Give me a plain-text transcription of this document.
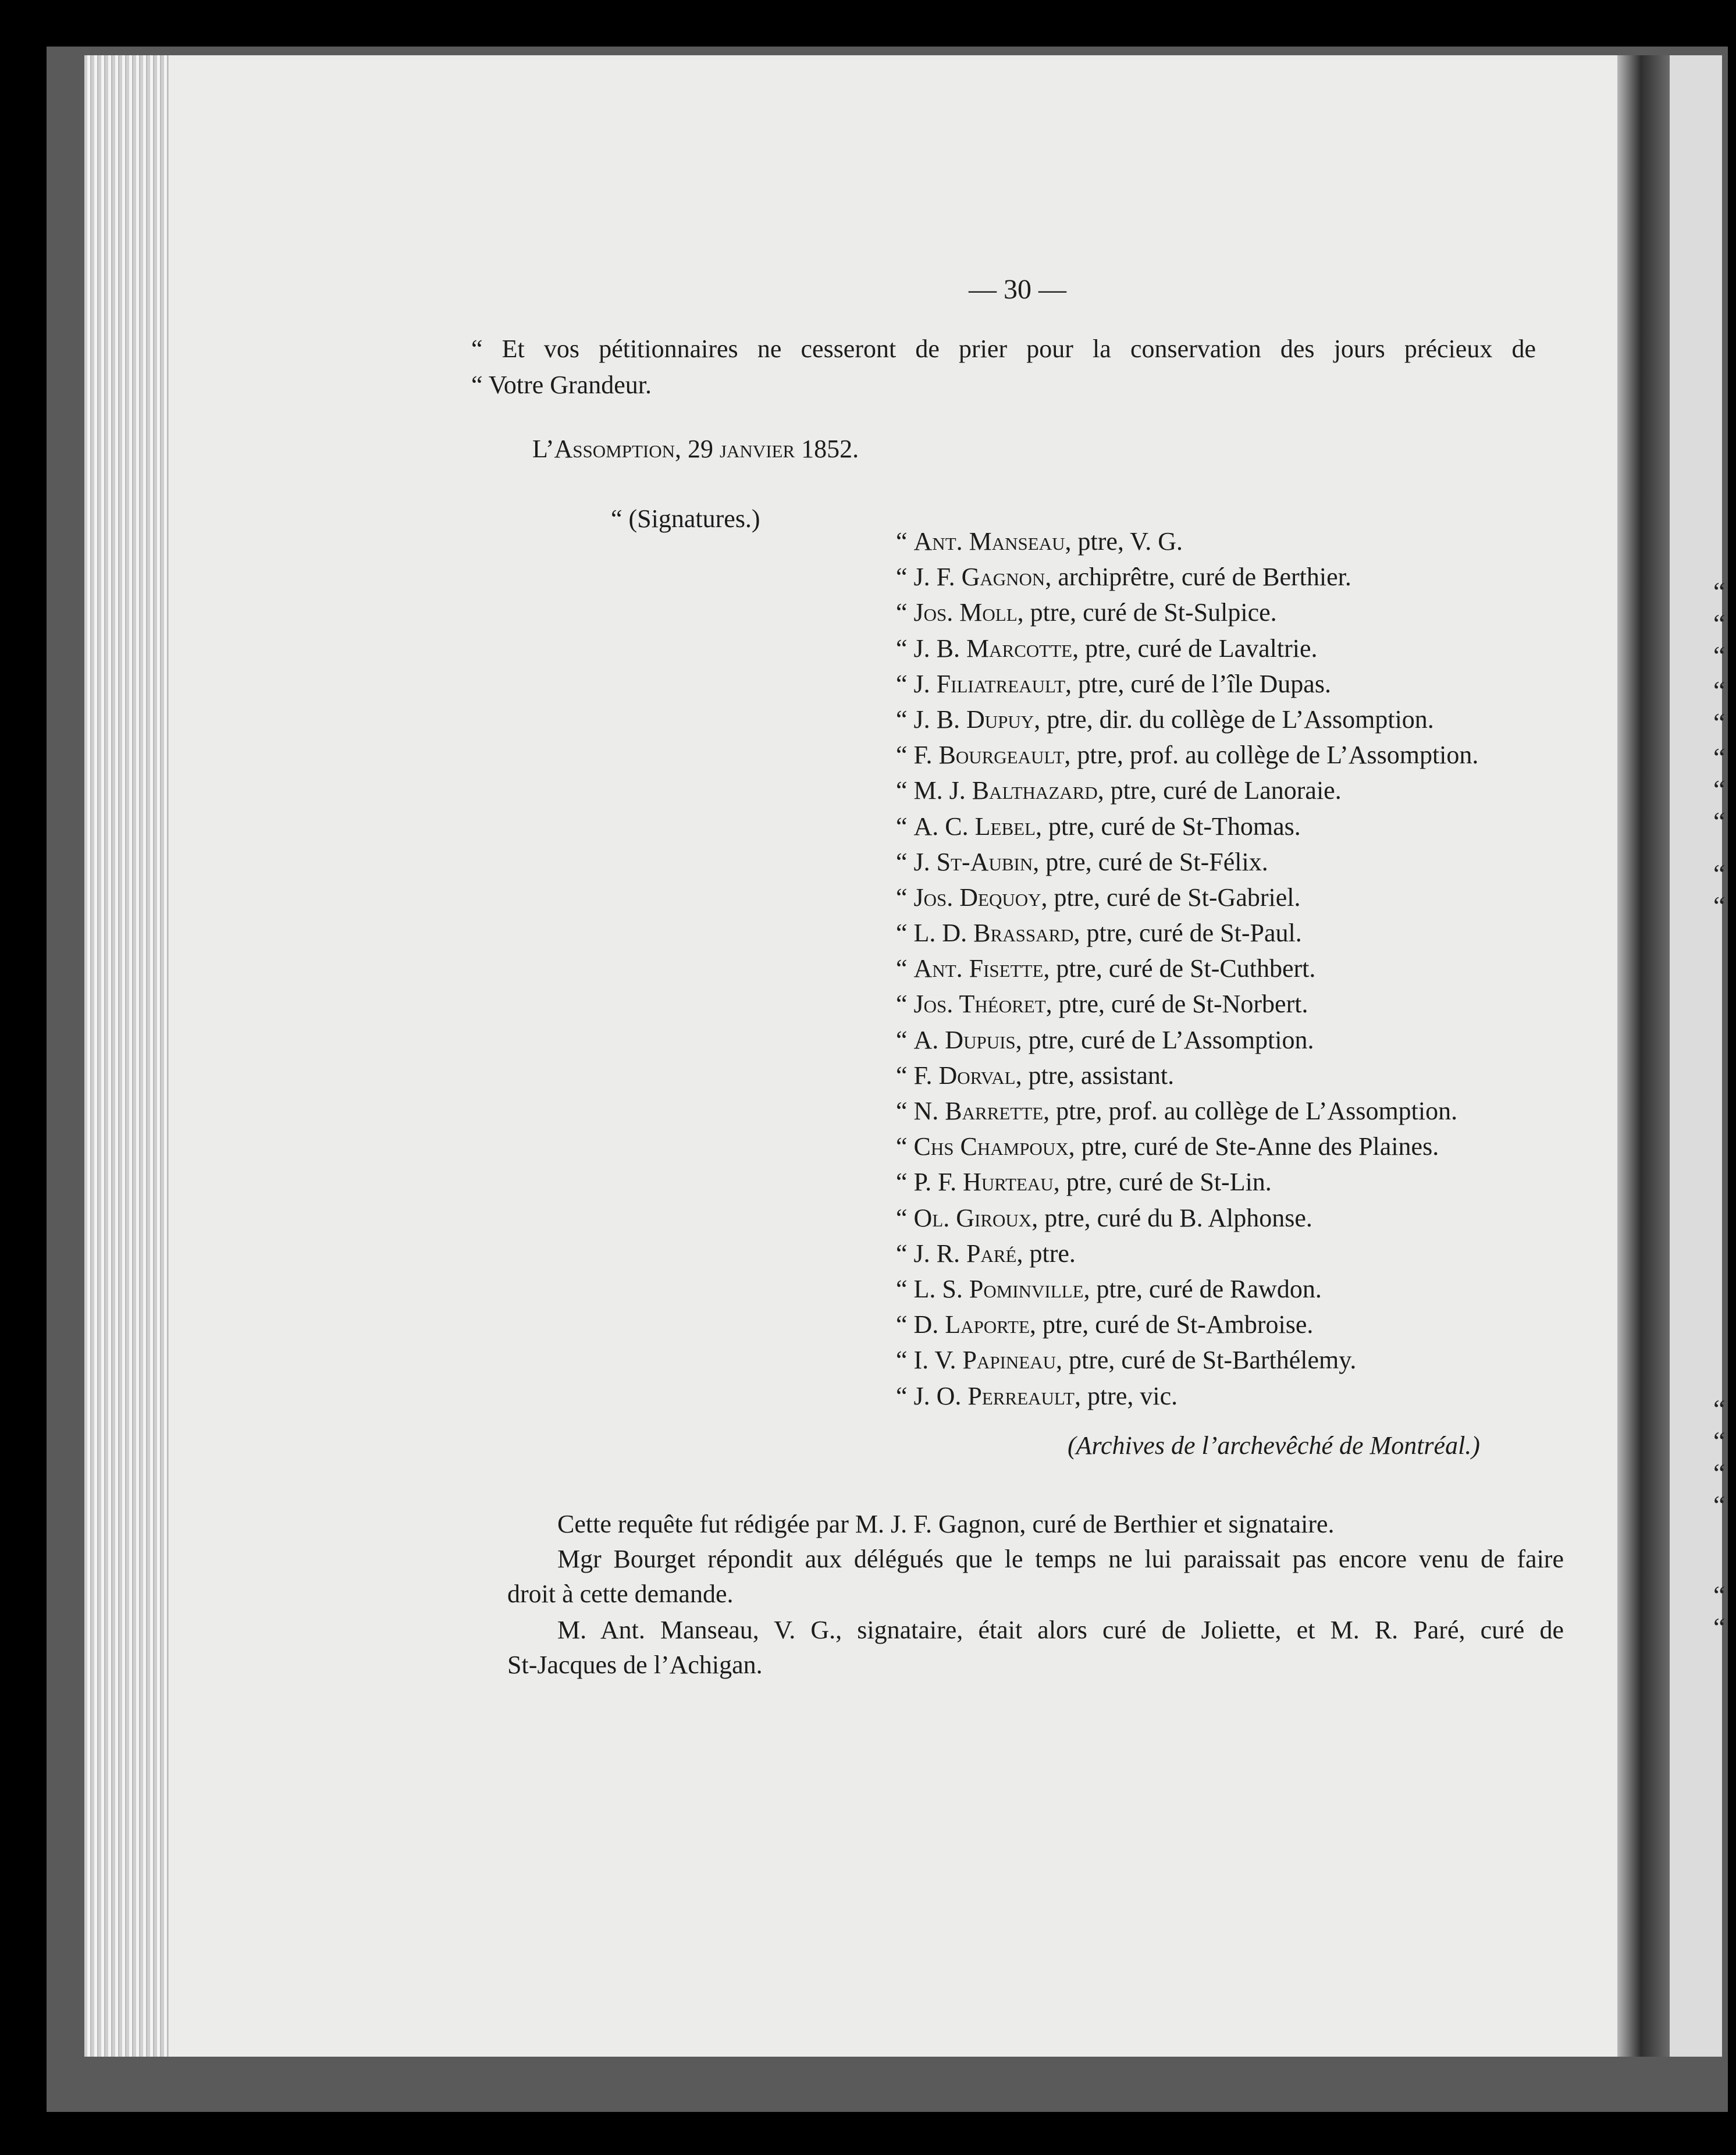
“
“
“
“
“
“
“
“
“
“
“
“
“
“
“
“
— 30 —
“ Et vos pétitionnaires ne cesseront de prier pour la conservation des jours précieux de
“ Votre Grandeur.
L’Assomption, 29 janvier 1852.
“ (Signatures.)
“ Ant. Manseau, ptre, V. G.
“ J. F. Gagnon, archiprêtre, curé de Berthier.
“ Jos. Moll, ptre, curé de St-Sulpice.
“ J. B. Marcotte, ptre, curé de Lavaltrie.
“ J. Filiatreault, ptre, curé de l’île Dupas.
“ J. B. Dupuy, ptre, dir. du collège de L’Assomption.
“ F. Bourgeault, ptre, prof. au collège de L’Assomption.
“ M. J. Balthazard, ptre, curé de Lanoraie.
“ A. C. Lebel, ptre, curé de St-Thomas.
“ J. St-Aubin, ptre, curé de St-Félix.
“ Jos. Dequoy, ptre, curé de St-Gabriel.
“ L. D. Brassard, ptre, curé de St-Paul.
“ Ant. Fisette, ptre, curé de St-Cuthbert.
“ Jos. Théoret, ptre, curé de St-Norbert.
“ A. Dupuis, ptre, curé de L’Assomption.
“ F. Dorval, ptre, assistant.
“ N. Barrette, ptre, prof. au collège de L’Assomption.
“ Chs Champoux, ptre, curé de Ste-Anne des Plaines.
“ P. F. Hurteau, ptre, curé de St-Lin.
“ Ol. Giroux, ptre, curé du B. Alphonse.
“ J. R. Paré, ptre.
“ L. S. Pominville, ptre, curé de Rawdon.
“ D. Laporte, ptre, curé de St-Ambroise.
“ I. V. Papineau, ptre, curé de St-Barthélemy.
“ J. O. Perreault, ptre, vic.
(Archives de l’archevêché de Montréal.)
Cette requête fut rédigée par M. J. F. Gagnon, curé de Berthier et signataire.
Mgr Bourget répondit aux délégués que le temps ne lui paraissait pas encore venu de faire
droit à cette demande.
M. Ant. Manseau, V. G., signataire, était alors curé de Joliette, et M. R. Paré, curé de
St-Jacques de l’Achigan.
